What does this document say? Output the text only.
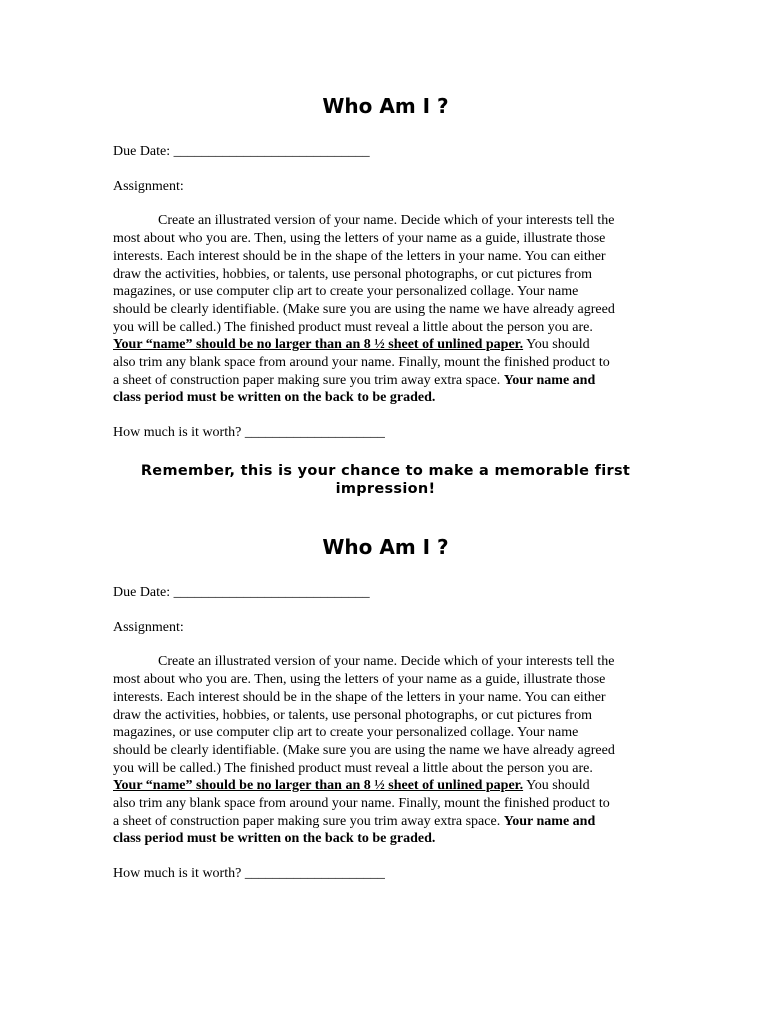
Who Am I ?

Due Date: ____________________________

Assignment:

Create an illustrated version of your name. Decide which of your interests tell the
most about who you are. Then, using the letters of your name as a guide, illustrate those
interests. Each interest should be in the shape of the letters in your name. You can either
draw the activities, hobbies, or talents, use personal photographs, or cut pictures from
magazines, or use computer clip art to create your personalized collage. Your name
should be clearly identifiable. (Make sure you are using the name we have already agreed
you will be called.) The finished product must reveal a little about the person you are.
Your “name” should be no larger than an 8 ½ sheet of unlined paper. You should
also trim any blank space from around your name. Finally, mount the finished product to
a sheet of construction paper making sure you trim away extra space. Your name and
class period must be written on the back to be graded.

How much is it worth? ____________________

Remember, this is your chance to make a memorable first
impression!
Who Am I ?

Due Date: ____________________________

Assignment:

Create an illustrated version of your name. Decide which of your interests tell the
most about who you are. Then, using the letters of your name as a guide, illustrate those
interests. Each interest should be in the shape of the letters in your name. You can either
draw the activities, hobbies, or talents, use personal photographs, or cut pictures from
magazines, or use computer clip art to create your personalized collage. Your name
should be clearly identifiable. (Make sure you are using the name we have already agreed
you will be called.) The finished product must reveal a little about the person you are.
Your “name” should be no larger than an 8 ½ sheet of unlined paper. You should
also trim any blank space from around your name. Finally, mount the finished product to
a sheet of construction paper making sure you trim away extra space. Your name and
class period must be written on the back to be graded.

How much is it worth? ____________________
